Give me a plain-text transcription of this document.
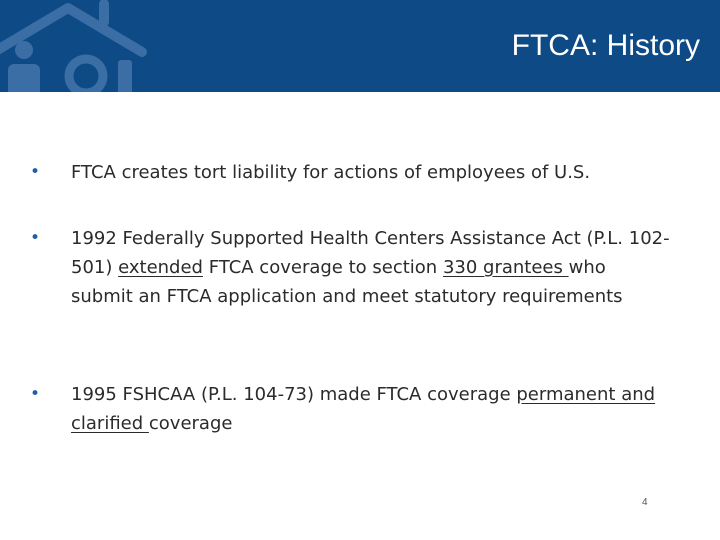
FTCA: History
•	FTCA creates tort liability for actions of employees of U.S.
•	1992 Federally Supported Health Centers Assistance Act (P.L. 102-501) extended FTCA coverage to section 330 grantees who submit an FTCA application and meet statutory requirements
•	1995 FSHCAA (P.L. 104-73) made FTCA coverage permanent and clarified coverage
4
